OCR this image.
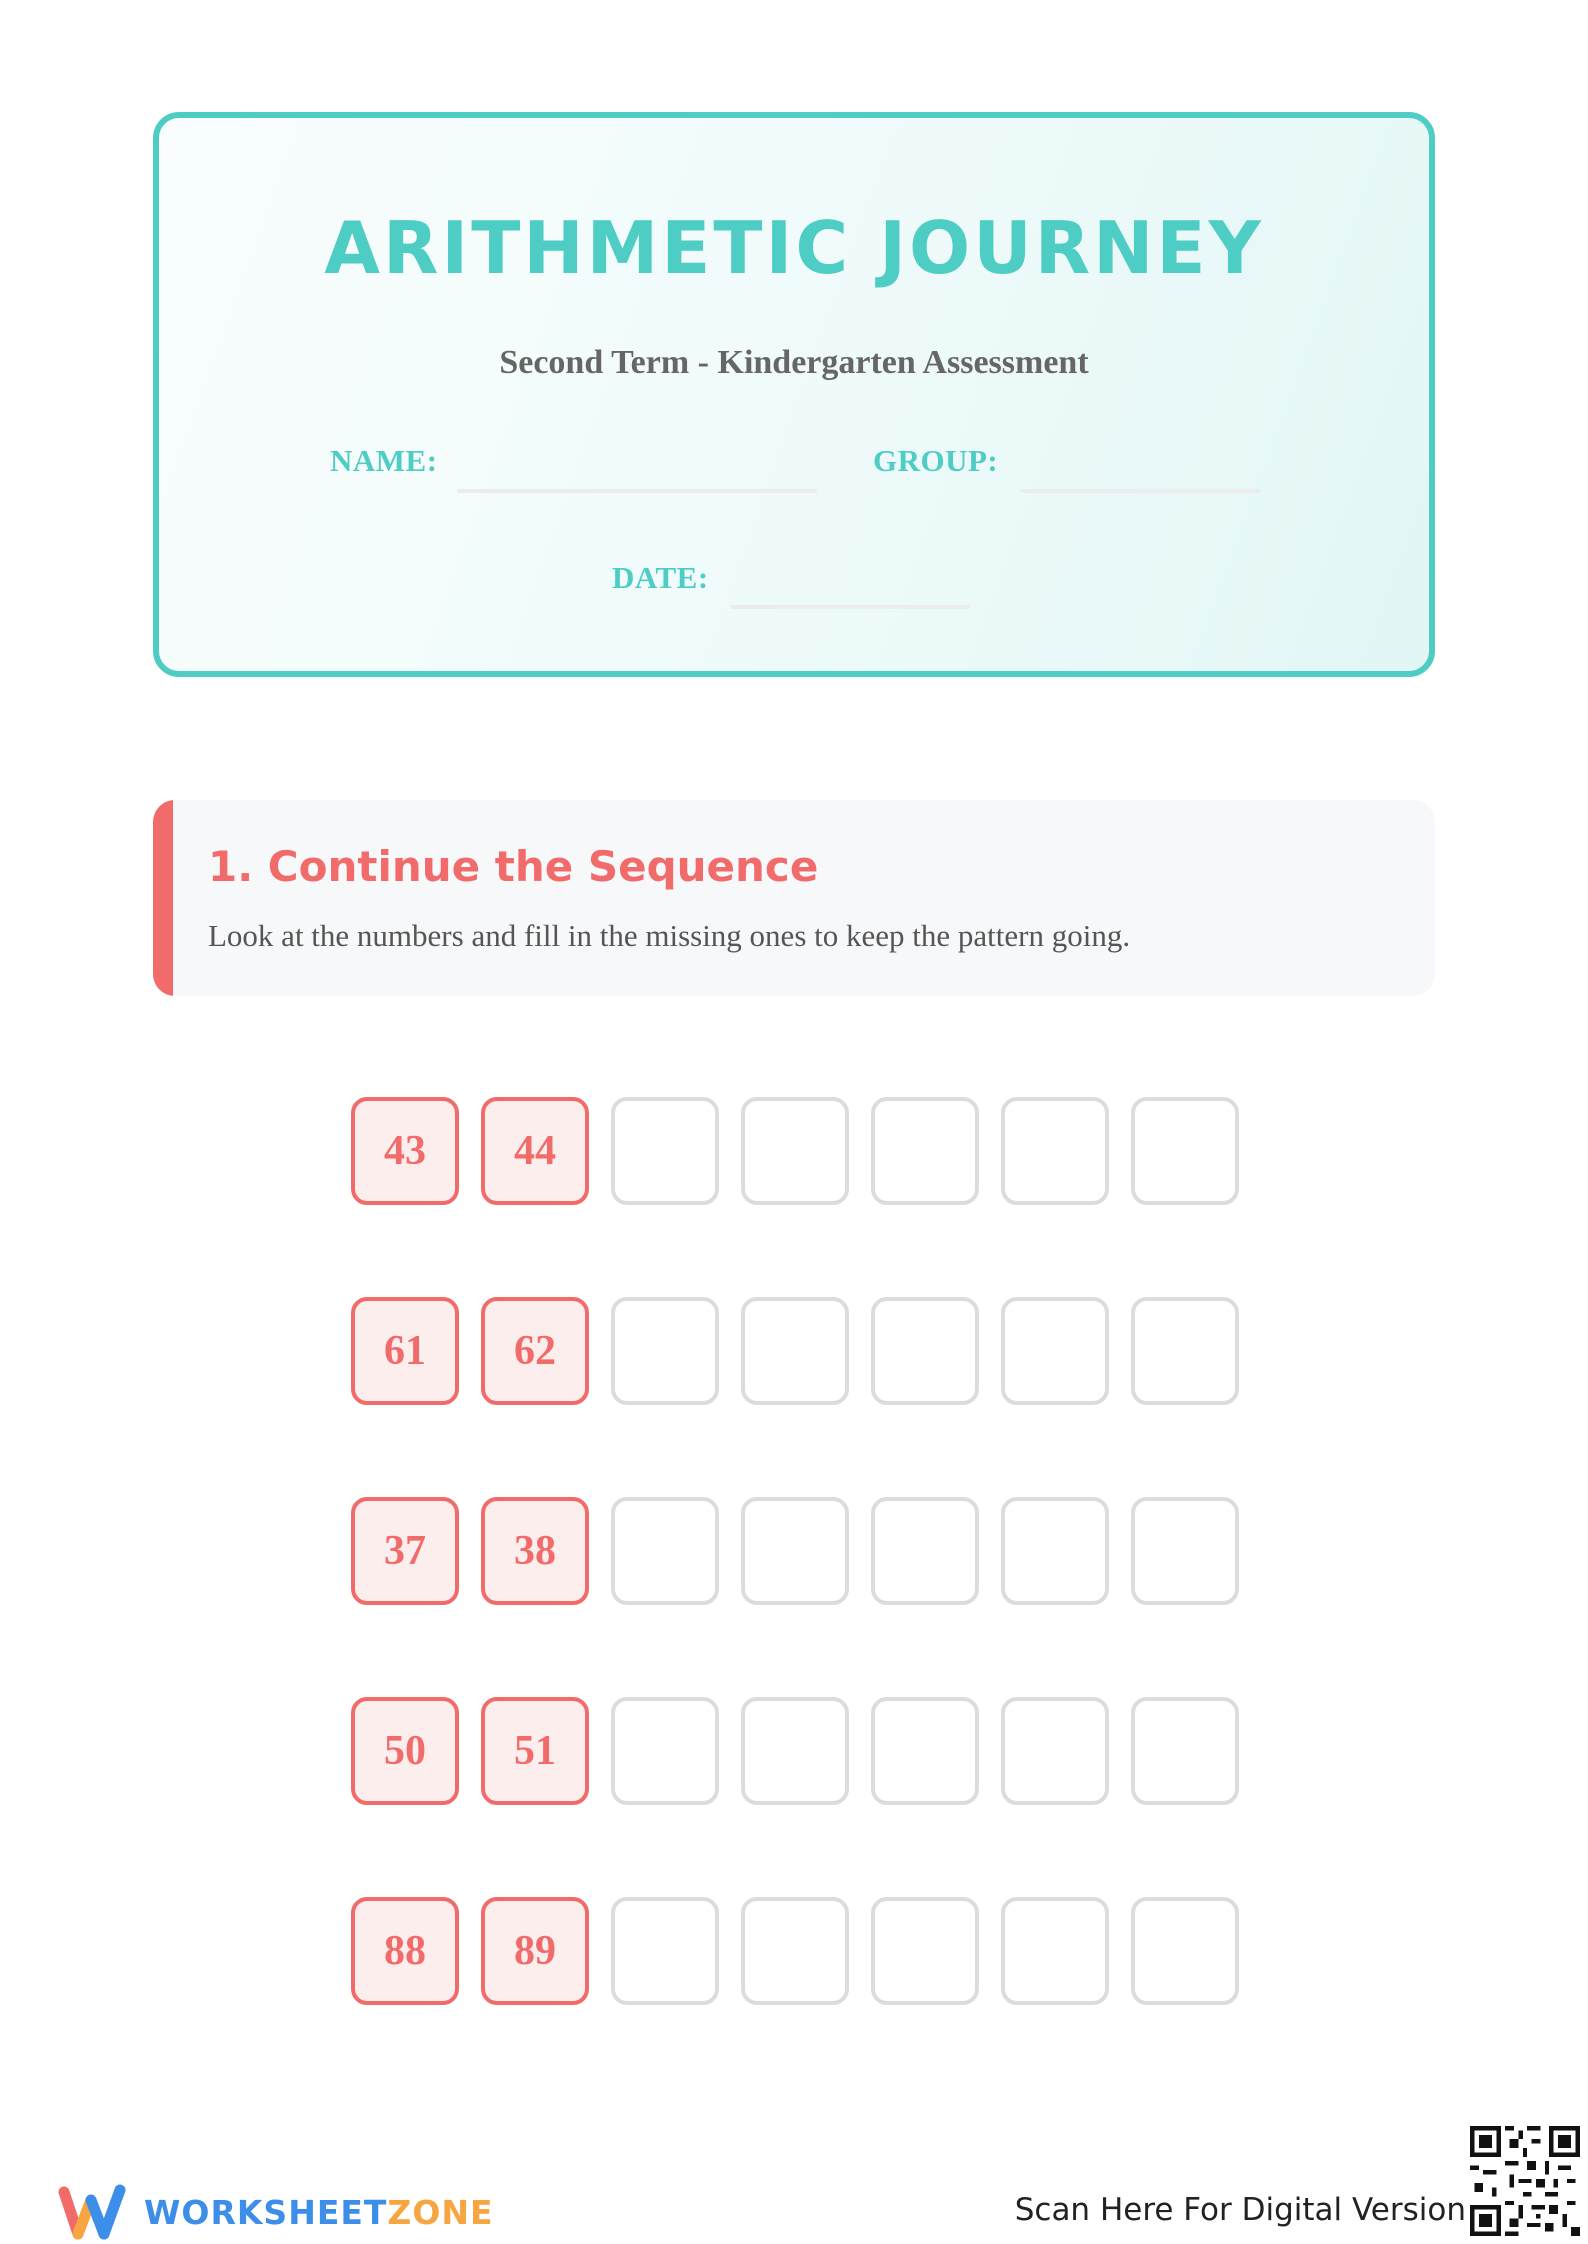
ARITHMETIC JOURNEY
Second Term - Kindergarten Assessment
NAME:	GROUP:
DATE:
1. Continue the Sequence
Look at the numbers and fill in the missing ones to keep the pattern going.
43	44
61	62
37	38
50	51
88	89
WORKSHEETZONE	Scan Here For Digital Version
